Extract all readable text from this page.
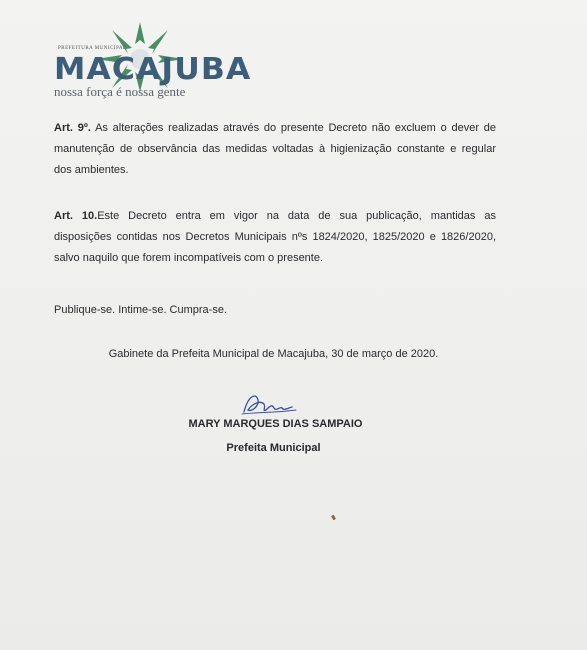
PREFEITURA MUNICIPAL
MACAJUBA
nossa força é nossa gente
Art. 9º. As alterações realizadas através do presente Decreto não excluem o dever de
manutenção de observância das medidas voltadas à higienização constante e regular
dos ambientes.
Art. 10.Este Decreto entra em vigor na data de sua publicação, mantidas as
disposições contidas nos Decretos Municipais nºs 1824/2020, 1825/2020 e 1826/2020,
salvo naquilo que forem incompatíveis com o presente.
Publique-se. Intime-se. Cumpra-se.
Gabinete da Prefeita Municipal de Macajuba, 30 de março de 2020.
MARY MARQUES DIAS SAMPAIO
Prefeita Municipal
